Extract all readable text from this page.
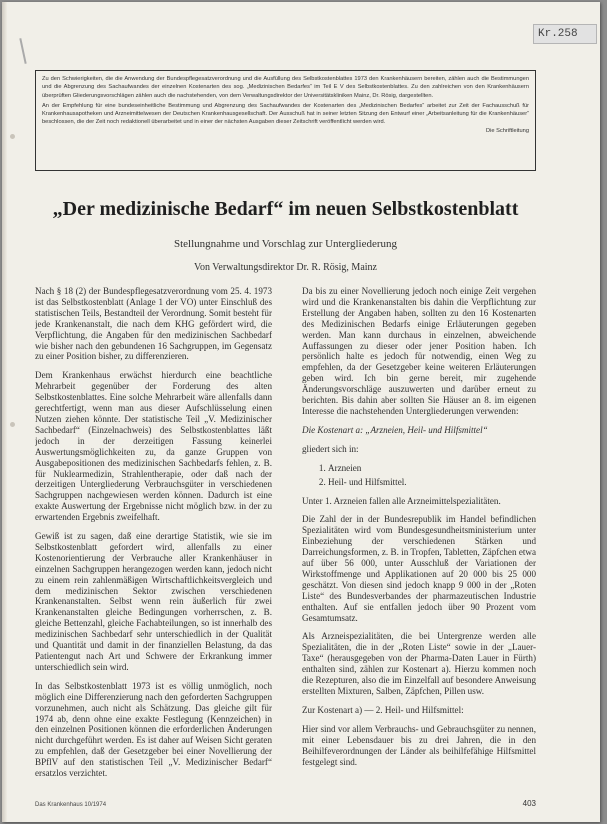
Kr.258

Zu den Schwierigkeiten, die die Anwendung der Bundespflegesatzverordnung und die Ausfüllung des Selbstkostenblattes 1973 den Krankenhäusern bereiten, zählen auch die Bestimmungen und die Abgrenzung des Sachaufwandes der einzelnen Kostenarten des sog. „Medizinischen Bedarfes“ im Teil E V des Selbstkostenblattes. Zu den zahlreichen von den Krankenhäusern überprüften Gliederungsvorschlägen zählen auch die nachstehenden, von dem Verwaltungsdirektor der Universitätskliniken Mainz, Dr. Rösig, dargestellten.

An der Empfehlung für eine bundeseinheitliche Bestimmung und Abgrenzung des Sachaufwandes der Kostenarten des „Medizinischen Bedarfes“ arbeitet zur Zeit der Fachausschuß für Krankenhausapotheken und Arzneimittelwesen der Deutschen Krankenhausgesellschaft. Der Ausschuß hat in seiner letzten Sitzung den Entwurf einer „Arbeitsanleitung für die Krankenhäuser“ beschlossen, die der Zeit noch redaktionell überarbeitet und in einer der nächsten Ausgaben dieser Zeitschrift veröffentlicht werden wird.
Die Schriftleitung

„Der medizinische Bedarf“ im neuen Selbstkostenblatt
Stellungnahme und Vorschlag zur Untergliederung
Von Verwaltungsdirektor Dr. R. Rösig, Mainz

Nach § 18 (2) der Bundespflegesatzverordnung vom 25. 4. 1973 ist das Selbstkostenblatt (Anlage 1 der VO) unter Einschluß des statistischen Teils, Bestandteil der Verordnung. Somit besteht für jede Krankenanstalt, die nach dem KHG gefördert wird, die Verpflichtung, die Angaben für den medizinischen Sachbedarf wie bisher nach den gebundenen 16 Sachgruppen, im Gegensatz zu einer Position bisher, zu differenzieren.

Dem Krankenhaus erwächst hierdurch eine beachtliche Mehrarbeit gegenüber der Forderung des alten Selbstkostenblattes. Eine solche Mehrarbeit wäre allenfalls dann gerechtfertigt, wenn man aus dieser Aufschlüsselung einen Nutzen ziehen könnte. Der statistische Teil „V. Medizinischer Sachbedarf“ (Einzelnachweis) des Selbstkostenblattes läßt jedoch in der derzeitigen Fassung keinerlei Auswertungsmöglichkeiten zu, da ganze Gruppen von Ausgabepositionen des medizinischen Sachbedarfs fehlen, z. B. für Nuklearmedizin, Strahlentherapie, oder daß nach der derzeitigen Untergliederung Verbrauchsgüter in verschiedenen Sachgruppen nachgewiesen werden können. Dadurch ist eine exakte Auswertung der Ergebnisse nicht möglich bzw. in der zu erwartenden Ergebnis zweifelhaft.

Gewiß ist zu sagen, daß eine derartige Statistik, wie sie im Selbstkostenblatt gefordert wird, allenfalls zu einer Kostenorientierung der Verbrauche aller Krankenhäuser in einzelnen Sachgruppen herangezogen werden kann, jedoch nicht zu einem rein zahlenmäßigen Wirtschaftlichkeitsvergleich und dem medizinischen Sektor zwischen verschiedenen Krankenanstalten. Selbst wenn rein äußerlich für zwei Krankenanstalten gleiche Bedingungen vorherrschen, z. B. gleiche Bettenzahl, gleiche Fachabteilungen, so ist innerhalb des medizinischen Sachbedarf sehr unterschiedlich in der Qualität und Quantität und damit in der finanziellen Belastung, da das Patientengut nach Art und Schwere der Erkrankung immer unterschiedlich sein wird.

In das Selbstkostenblatt 1973 ist es völlig unmöglich, noch möglich eine Differenzierung nach den geforderten Sachgruppen vorzunehmen, auch nicht als Schätzung. Das gleiche gilt für 1974 ab, denn ohne eine exakte Festlegung (Kennzeichen) in den einzelnen Positionen können die erforderlichen Änderungen nicht durchgeführt werden. Es ist daher auf Weisen Sicht geraten zu empfehlen, daß der Gesetzgeber bei einer Novellierung der BPflV auf den statistischen Teil „V. Medizinischer Bedarf“ ersatzlos verzichtet.

Da bis zu einer Novellierung jedoch noch einige Zeit vergehen wird und die Krankenanstalten bis dahin die Verpflichtung zur Erstellung der Angaben haben, sollten zu den 16 Kostenarten des Medizinischen Bedarfs einige Erläuterungen gegeben werden. Man kann durchaus in einzelnen, abweichende Auffassungen zu dieser oder jener Position haben. Ich persönlich halte es jedoch für notwendig, einen Weg zu empfehlen, da der Gesetzgeber keine weiteren Erläuterungen geben wird. Ich bin gerne bereit, mir zugehende Änderungsvorschläge auszuwerten und darüber erneut zu berichten. Bis dahin aber sollten Sie Häuser an 8. im eigenen Interesse die nachstehenden Untergliederungen verwenden:

Die Kostenart a: „Arzneien, Heil- und Hilfsmittel“

gliedert sich in:

1. Arzneien
2. Heil- und Hilfsmittel.

Unter 1. Arzneien fallen alle Arzneimittelspezialitäten.

Die Zahl der in der Bundesrepublik im Handel befindlichen Spezialitäten wird vom Bundesgesundheitsministerium unter Einbeziehung der verschiedenen Stärken und Darreichungsformen, z. B. in Tropfen, Tabletten, Zäpfchen etwa auf über 56 000, unter Ausschluß der Variationen der Wirkstoffmenge und Applikationen auf 20 000 bis 25 000 geschätzt. Von diesen sind jedoch knapp 9 000 in der „Roten Liste“ des Bundesverbandes der pharmazeutischen Industrie enthalten. Auf sie entfallen jedoch über 90 Prozent vom Gesamtumsatz.

Als Arzneispezialitäten, die bei Untergrenze werden alle Spezialitäten, die in der „Roten Liste“ sowie in der „Lauer-Taxe“ (herausgegeben von der Pharma-Daten Lauer in Fürth) enthalten sind, zählen zur Kostenart a). Hierzu kommen noch die Rezepturen, also die im Einzelfall auf besondere Anweisung erstellten Mixturen, Salben, Zäpfchen, Pillen usw.

Zur Kostenart a) — 2. Heil- und Hilfsmittel:

Hier sind vor allem Verbrauchs- und Gebrauchsgüter zu nennen, mit einer Lebensdauer bis zu drei Jahren, die in den Beihilfeverordnungen der Länder als beihilfefähige Hilfsmittel festgelegt sind.

Das Krankenhaus 10/1974	403
